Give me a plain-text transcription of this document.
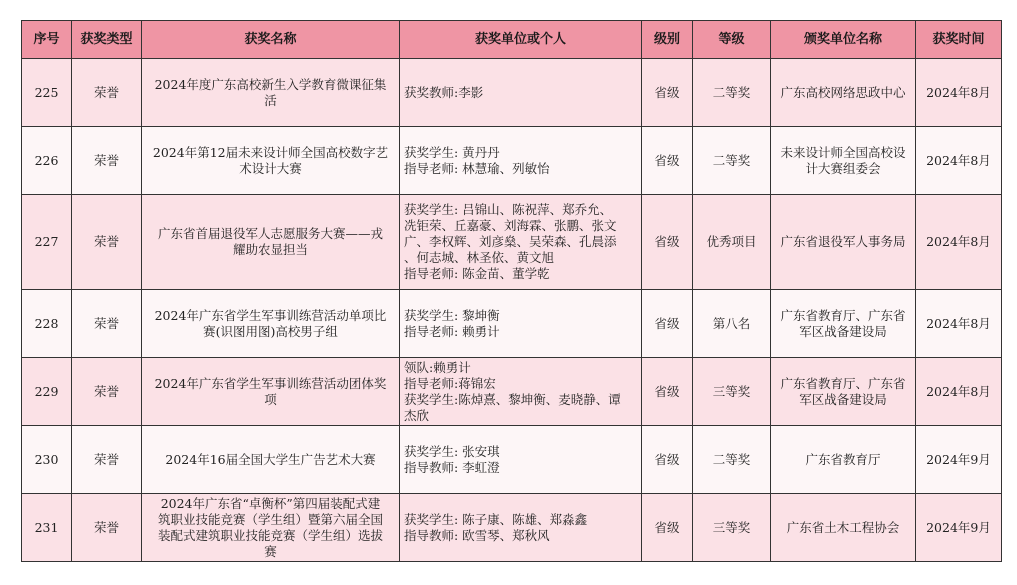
序号	获奖类型	获奖名称	获奖单位或个人	级别	等级	颁奖单位名称	获奖时间
225	荣誉	2024年度广东高校新生入学教育微课征集
活	获奖教师:李影	省级	二等奖	广东高校网络思政中心	2024年8月
226	荣誉	2024年第12届未来设计师全国高校数字艺
术设计大赛	获奖学生: 黄丹丹
指导老师: 林慧瑜、列敏怡	省级	二等奖	未来设计师全国高校设
计大赛组委会	2024年8月
227	荣誉	广东省首届退役军人志愿服务大赛——戎
耀助农显担当	获奖学生: 吕锦山、陈祝萍、郑乔允、
冼钜荣、丘嘉豪、刘海霖、张鹏、张文
广、李权辉、刘彦燊、吴荣森、孔晨添
、何志城、林圣依、黄文旭
指导老师: 陈金苗、董学乾	省级	优秀项目	广东省退役军人事务局	2024年8月
228	荣誉	2024年广东省学生军事训练营活动单项比
赛(识图用图)高校男子组	获奖学生: 黎坤衡
指导老师: 赖勇计	省级	第八名	广东省教育厅、广东省
军区战备建设局	2024年8月
229	荣誉	2024年广东省学生军事训练营活动团体奖
项	领队:赖勇计
指导老师:蒋锦宏
获奖学生:陈焯熹、黎坤衡、麦晓静、谭
杰欣	省级	三等奖	广东省教育厅、广东省
军区战备建设局	2024年8月
230	荣誉	2024年16届全国大学生广告艺术大赛	获奖学生: 张安琪
指导教师: 李虹澄	省级	二等奖	广东省教育厅	2024年9月
231	荣誉	2024年广东省“卓衡杯”第四届装配式建
筑职业技能竞赛（学生组）暨第六届全国
装配式建筑职业技能竞赛（学生组）选拔
赛	获奖学生: 陈子康、陈雄、郑淼鑫
指导教师: 欧雪琴、郑秋风	省级	三等奖	广东省土木工程协会	2024年9月
